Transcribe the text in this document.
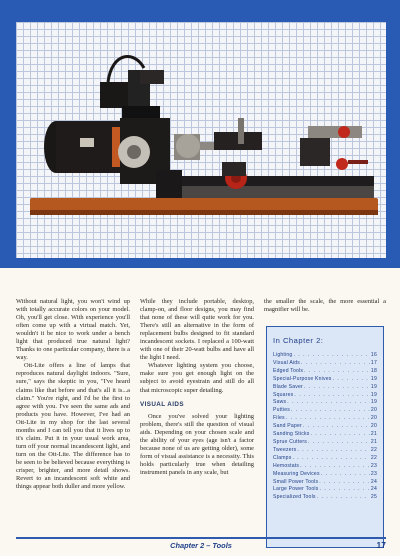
Without natural light, you won't wind up with totally accurate colors on your model. Oh, you'll get close. With experience you'll often come up with a virtual match. Yet, wouldn't it be nice to work under a bench light that produced true natural light? Thanks to one particular company, there is a way.

Ott-Lite offers a line of lamps that reproduces natural daylight indoors. "Sure, sure," says the skeptic in you, "I've heard claims like that before and that's all it is...a claim." You're right, and I'd be the first to agree with you. I've seen the same ads and products you have. However, I've had an Ott-Lite in my shop for the last several months and I can tell you that it lives up to it's claim. Put it in your usual work area, turn off your normal incandescent light, and turn on the Ott-Lite. The difference has to be seen to be believed because everything is crisper, brighter, and more detail shows. Revert to an incandescent soft white and things appear both duller and more yellow.

While they include portable, desktop, clamp-on, and floor designs, you may find that none of these will quite work for you. There's still an alternative in the form of replacement bulbs designed to fit standard incandescent sockets. I replaced a 100-watt with one of their 20-watt bulbs and have all the light I need.

Whatever lighting system you choose, make sure you get enough light on the subject to avoid eyestrain and still do all that microscopic super detailing.

VISUAL AIDS

Once you've solved your lighting problem, there's still the question of visual aids. Depending on your chosen scale and the ability of your eyes (age isn't a factor because none of us are getting older), some form of visual assistance is a necessity. This holds particularly true when detailing instrument panels in any scale, but

the smaller the scale, the more essential a magnifier will be.

In Chapter 2:
Lighting . . .	16
Visual Aids . . .	17
Edged Tools . . .	18
Special-Purpose Knives . . .	19
Blade Saver . . .	19
Squares . . .	19
Saws . . .	19
Putties . . .	20
Files . . .	20
Sand Paper . . .	20
Sanding Sticks . . .	21
Sprue Cutters . . .	21
Tweezers . . .	22
Clamps . . .	22
Hemostats . . .	23
Measuring Devices . . .	23
Small Power Tools . . .	24
Large Power Tools . . .	24
Specialized Tools . . .	25
Chapter 2 – Tools	17
